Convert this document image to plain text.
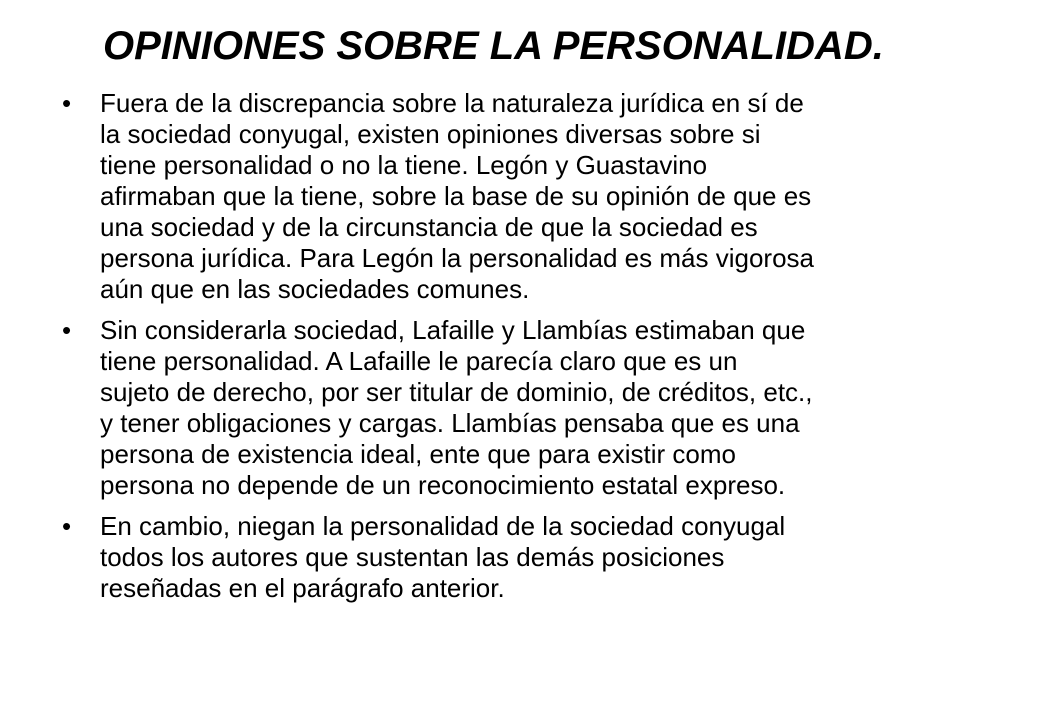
OPINIONES SOBRE LA PERSONALIDAD.
• Fuera de la discrepancia sobre la naturaleza jurídica en sí de
la sociedad conyugal, existen opiniones diversas sobre si
tiene personalidad o no la tiene. Legón y Guastavino
afirmaban que la tiene, sobre la base de su opinión de que es
una sociedad y de la circunstancia de que la sociedad es
persona jurídica. Para Legón la personalidad es más vigorosa
aún que en las sociedades comunes.
• Sin considerarla sociedad, Lafaille y Llambías estimaban que
tiene personalidad. A Lafaille le parecía claro que es un
sujeto de derecho, por ser titular de dominio, de créditos, etc.,
y tener obligaciones y cargas. Llambías pensaba que es una
persona de existencia ideal, ente que para existir como
persona no depende de un reconocimiento estatal expreso.
• En cambio, niegan la personalidad de la sociedad conyugal
todos los autores que sustentan las demás posiciones
reseñadas en el parágrafo anterior.
